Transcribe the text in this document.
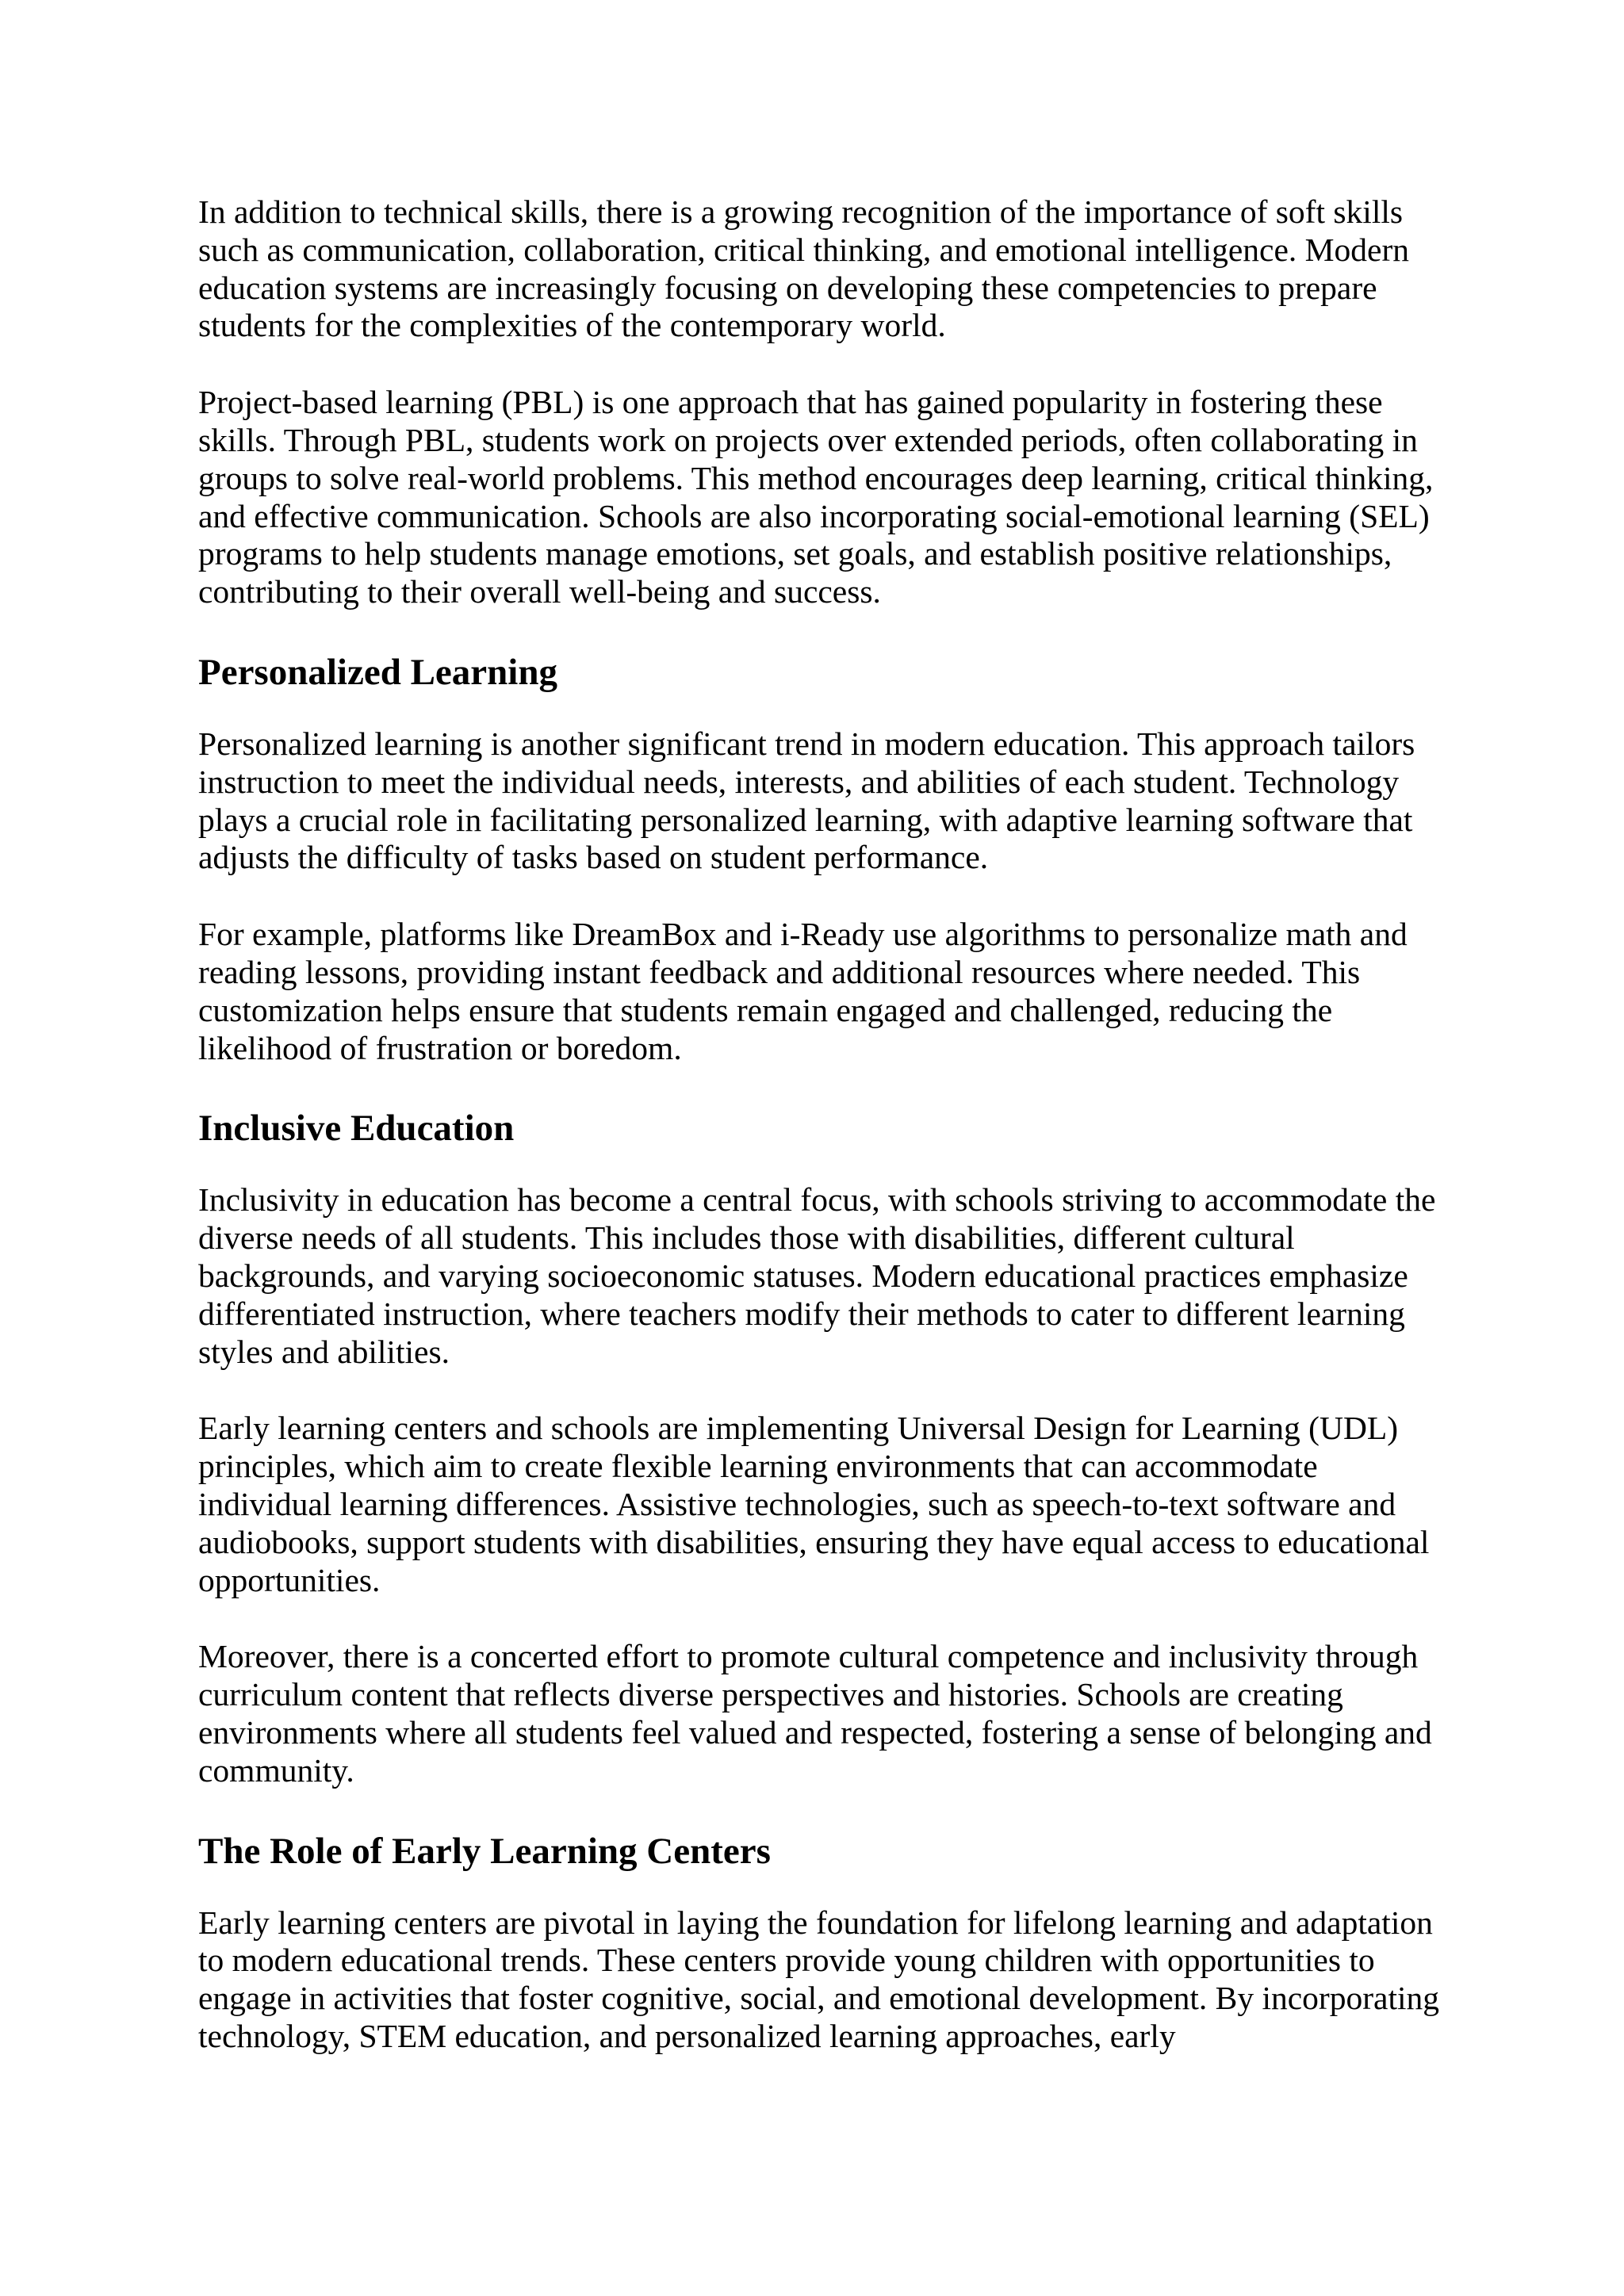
In addition to technical skills, there is a growing recognition of the importance of soft skills such as communication, collaboration, critical thinking, and emotional intelligence. Modern education systems are increasingly focusing on developing these competencies to prepare students for the complexities of the contemporary world.

Project-based learning (PBL) is one approach that has gained popularity in fostering these skills. Through PBL, students work on projects over extended periods, often collaborating in groups to solve real-world problems. This method encourages deep learning, critical thinking, and effective communication. Schools are also incorporating social-emotional learning (SEL) programs to help students manage emotions, set goals, and establish positive relationships, contributing to their overall well-being and success.

Personalized Learning

Personalized learning is another significant trend in modern education. This approach tailors instruction to meet the individual needs, interests, and abilities of each student. Technology plays a crucial role in facilitating personalized learning, with adaptive learning software that adjusts the difficulty of tasks based on student performance.

For example, platforms like DreamBox and i-Ready use algorithms to personalize math and reading lessons, providing instant feedback and additional resources where needed. This customization helps ensure that students remain engaged and challenged, reducing the likelihood of frustration or boredom.

Inclusive Education

Inclusivity in education has become a central focus, with schools striving to accommodate the diverse needs of all students. This includes those with disabilities, different cultural backgrounds, and varying socioeconomic statuses. Modern educational practices emphasize differentiated instruction, where teachers modify their methods to cater to different learning styles and abilities.

Early learning centers and schools are implementing Universal Design for Learning (UDL) principles, which aim to create flexible learning environments that can accommodate individual learning differences. Assistive technologies, such as speech-to-text software and audiobooks, support students with disabilities, ensuring they have equal access to educational opportunities.

Moreover, there is a concerted effort to promote cultural competence and inclusivity through curriculum content that reflects diverse perspectives and histories. Schools are creating environments where all students feel valued and respected, fostering a sense of belonging and community.

The Role of Early Learning Centers

Early learning centers are pivotal in laying the foundation for lifelong learning and adaptation to modern educational trends. These centers provide young children with opportunities to engage in activities that foster cognitive, social, and emotional development. By incorporating technology, STEM education, and personalized learning approaches, early
